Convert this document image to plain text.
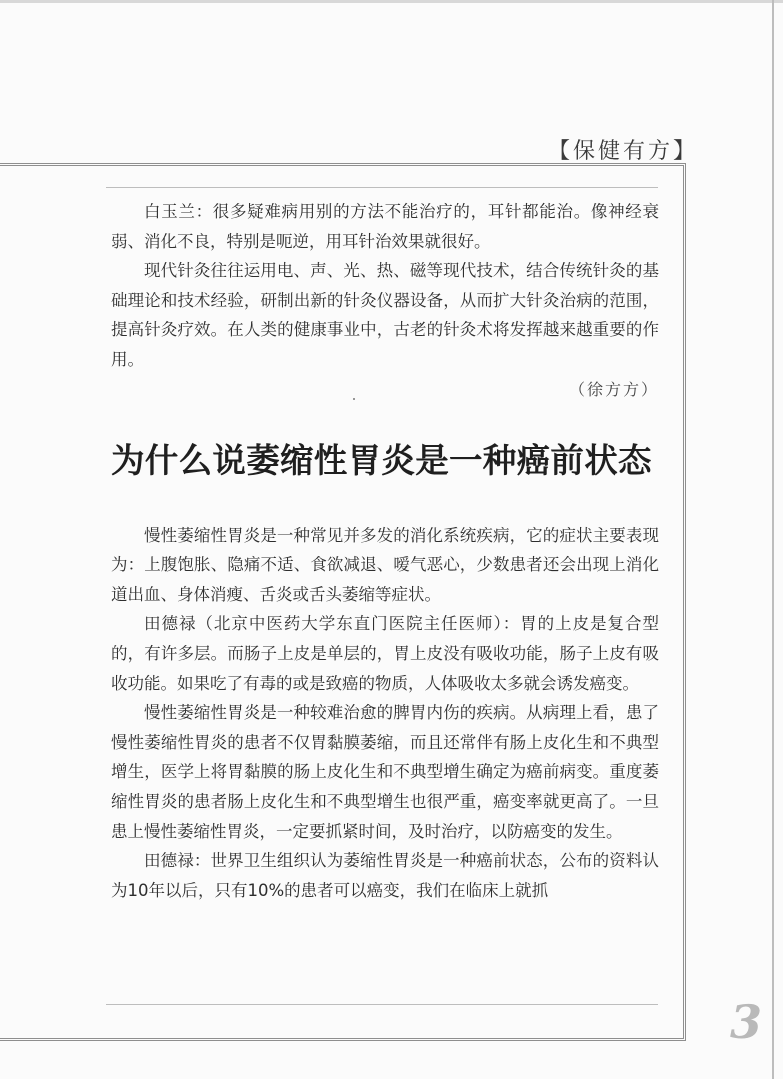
【保健有方】

白玉兰：很多疑难病用别的方法不能治疗的，耳针都能治。像神经衰弱、消化不良，特别是呃逆，用耳针治效果就很好。

现代针灸往往运用电、声、光、热、磁等现代技术，结合传统针灸的基础理论和技术经验，研制出新的针灸仪器设备，从而扩大针灸治病的范围，提高针灸疗效。在人类的健康事业中，古老的针灸术将发挥越来越重要的作用。

（徐方方）

为什么说萎缩性胃炎是一种癌前状态

慢性萎缩性胃炎是一种常见并多发的消化系统疾病，它的症状主要表现为：上腹饱胀、隐痛不适、食欲减退、嗳气恶心，少数患者还会出现上消化道出血、身体消瘦、舌炎或舌头萎缩等症状。

田德禄（北京中医药大学东直门医院主任医师）：胃的上皮是复合型的，有许多层。而肠子上皮是单层的，胃上皮没有吸收功能，肠子上皮有吸收功能。如果吃了有毒的或是致癌的物质，人体吸收太多就会诱发癌变。

慢性萎缩性胃炎是一种较难治愈的脾胃内伤的疾病。从病理上看，患了慢性萎缩性胃炎的患者不仅胃黏膜萎缩，而且还常伴有肠上皮化生和不典型增生，医学上将胃黏膜的肠上皮化生和不典型增生确定为癌前病变。重度萎缩性胃炎的患者肠上皮化生和不典型增生也很严重，癌变率就更高了。一旦患上慢性萎缩性胃炎，一定要抓紧时间，及时治疗，以防癌变的发生。

田德禄：世界卫生组织认为萎缩性胃炎是一种癌前状态，公布的资料认为10年以后，只有10%的患者可以癌变，我们在临床上就抓

3
